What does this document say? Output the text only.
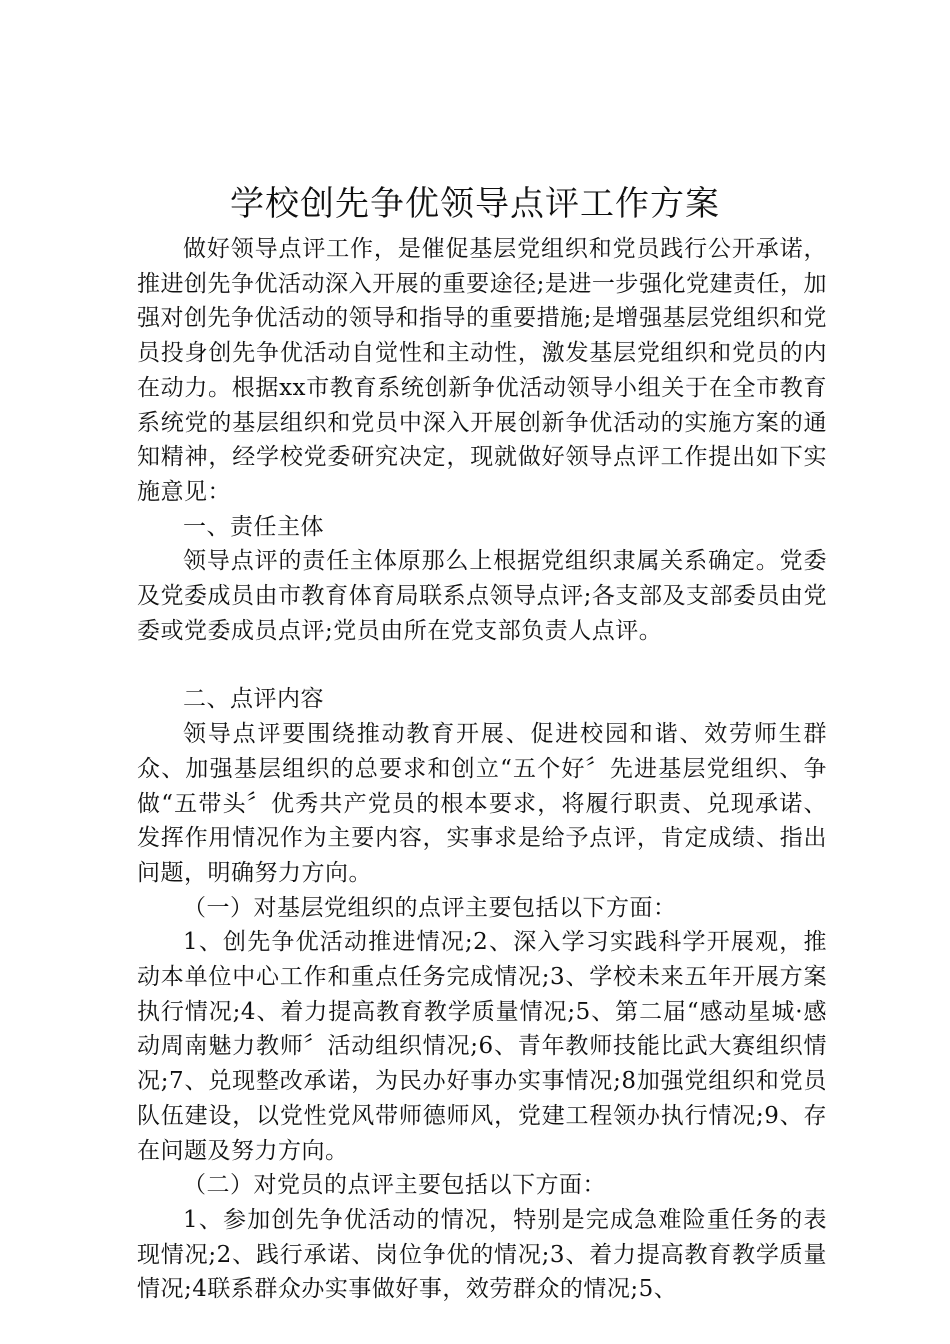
学校创先争优领导点评工作方案

做好领导点评工作，是催促基层党组织和党员践行公开承诺，推进创先争优活动深入开展的重要途径;是进一步强化党建责任，加强对创先争优活动的领导和指导的重要措施;是增强基层党组织和党员投身创先争优活动自觉性和主动性，激发基层党组织和党员的内在动力。根据xx市教育系统创新争优活动领导小组关于在全市教育系统党的基层组织和党员中深入开展创新争优活动的实施方案的通知精神，经学校党委研究决定，现就做好领导点评工作提出如下实施意见：

一、责任主体

领导点评的责任主体原那么上根据党组织隶属关系确定。党委及党委成员由市教育体育局联系点领导点评;各支部及支部委员由党委或党委成员点评;党员由所在党支部负责人点评。

二、点评内容

领导点评要围绕推动教育开展、促进校园和谐、效劳师生群众、加强基层组织的总要求和创立“五个好〞先进基层党组织、争做“五带头〞优秀共产党员的根本要求，将履行职责、兑现承诺、发挥作用情况作为主要内容，实事求是给予点评，肯定成绩、指出问题，明确努力方向。

（一）对基层党组织的点评主要包括以下方面：

1、创先争优活动推进情况;2、深入学习实践科学开展观，推动本单位中心工作和重点任务完成情况;3、学校未来五年开展方案执行情况;4、着力提高教育教学质量情况;5、第二届“感动星城·感动周南魅力教师〞活动组织情况;6、青年教师技能比武大赛组织情况;7、兑现整改承诺，为民办好事办实事情况;8加强党组织和党员队伍建设，以党性党风带师德师风，党建工程领办执行情况;9、存在问题及努力方向。

（二）对党员的点评主要包括以下方面：

1、参加创先争优活动的情况，特别是完成急难险重任务的表现情况;2、践行承诺、岗位争优的情况;3、着力提高教育教学质量情况;4联系群众办实事做好事，效劳群众的情况;5、
